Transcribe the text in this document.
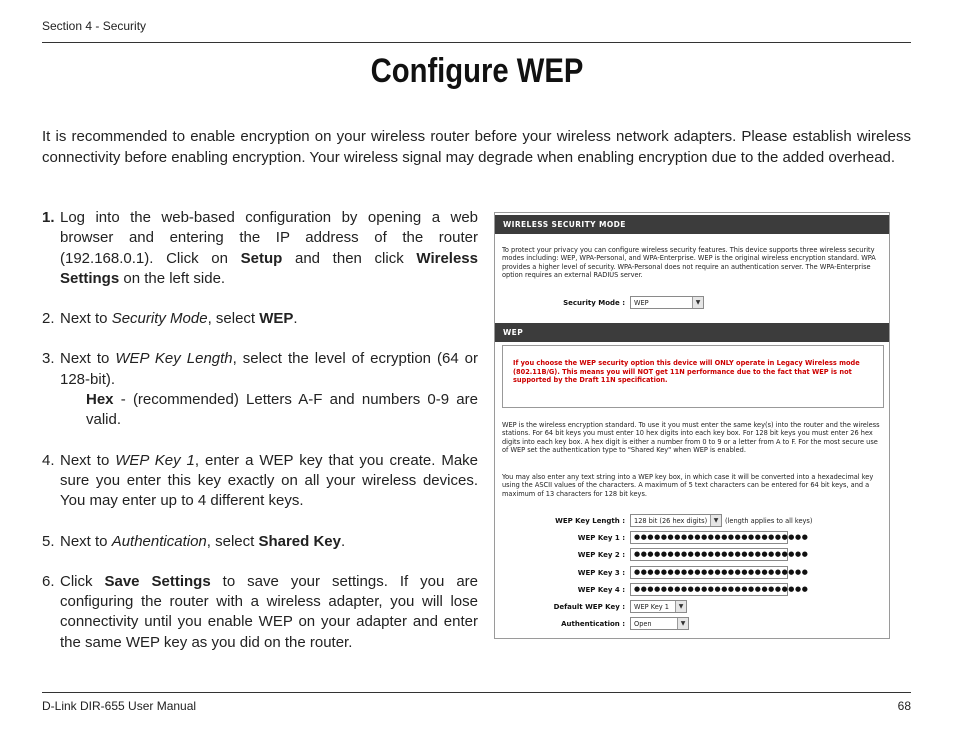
Section 4 - Security
Configure WEP
It is recommended to enable encryption on your wireless router before your wireless network adapters. Please establish wireless connectivity before enabling encryption. Your wireless signal may degrade when enabling encryption due to the added overhead.
1. Log into the web-based configuration by opening a web browser and entering the IP address of the router (192.168.0.1). Click on Setup and then click Wireless Settings on the left side.
2. Next to Security Mode, select WEP.
3. Next to WEP Key Length, select the level of ecryption (64 or 128-bit).
Hex - (recommended) Letters A-F and numbers 0-9 are valid.
4. Next to WEP Key 1, enter a WEP key that you create. Make sure you enter this key exactly on all your wireless devices. You may enter up to 4 different keys.
5. Next to Authentication, select Shared Key.
6. Click Save Settings to save your settings. If you are configuring the router with a wireless adapter, you will lose connectivity until you enable WEP on your adapter and enter the same WEP key as you did on the router.
WIRELESS SECURITY MODE
To protect your privacy you can configure wireless security features. This device supports three wireless security modes including: WEP, WPA-Personal, and WPA-Enterprise. WEP is the original wireless encryption standard. WPA provides a higher level of security. WPA-Personal does not require an authentication server. The WPA-Enterprise option requires an external RADIUS server.
Security Mode :	WEP	▼
WEP
If you choose the WEP security option this device will ONLY operate in Legacy Wireless mode (802.11B/G). This means you will NOT get 11N performance due to the fact that WEP is not supported by the Draft 11N specification.
WEP is the wireless encryption standard. To use it you must enter the same key(s) into the router and the wireless stations. For 64 bit keys you must enter 10 hex digits into each key box. For 128 bit keys you must enter 26 hex digits into each key box. A hex digit is either a number from 0 to 9 or a letter from A to F. For the most secure use of WEP set the authentication type to "Shared Key" when WEP is enabled.
You may also enter any text string into a WEP key box, in which case it will be converted into a hexadecimal key using the ASCII values of the characters. A maximum of 5 text characters can be entered for 64 bit keys, and a maximum of 13 characters for 128 bit keys.
WEP Key Length :	128 bit (26 hex digits)	▼	(length applies to all keys)
WEP Key 1 :	●●●●●●●●●●●●●●●●●●●●●●●●●●
WEP Key 2 :	●●●●●●●●●●●●●●●●●●●●●●●●●●
WEP Key 3 :	●●●●●●●●●●●●●●●●●●●●●●●●●●
WEP Key 4 :	●●●●●●●●●●●●●●●●●●●●●●●●●●
Default WEP Key :	WEP Key 1	▼
Authentication :	Open	▼
D-Link DIR-655 User Manual	68
